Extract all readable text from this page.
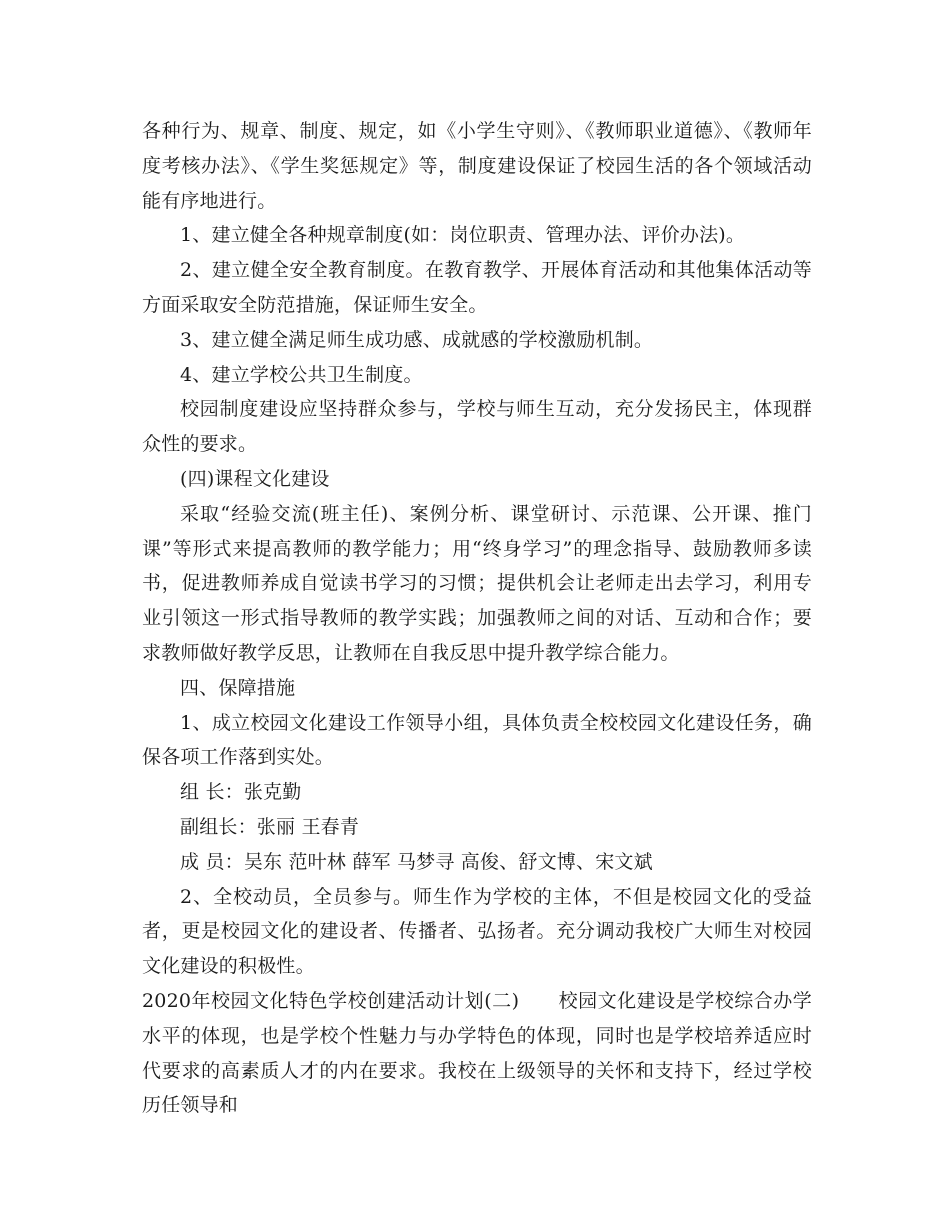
各种行为、规章、制度、规定，如《小学生守则》、《教师职业道德》、《教师年度考核办法》、《学生奖惩规定》等，制度建设保证了校园生活的各个领域活动能有序地进行。

1、建立健全各种规章制度(如：岗位职责、管理办法、评价办法)。

2、建立健全安全教育制度。在教育教学、开展体育活动和其他集体活动等方面采取安全防范措施，保证师生安全。

3、建立健全满足师生成功感、成就感的学校激励机制。

4、建立学校公共卫生制度。

校园制度建设应坚持群众参与，学校与师生互动，充分发扬民主，体现群众性的要求。

(四)课程文化建设

采取“经验交流(班主任)、案例分析、课堂研讨、示范课、公开课、推门课”等形式来提高教师的教学能力；用“终身学习”的理念指导、鼓励教师多读书，促进教师养成自觉读书学习的习惯；提供机会让老师走出去学习，利用专业引领这一形式指导教师的教学实践；加强教师之间的对话、互动和合作；要求教师做好教学反思，让教师在自我反思中提升教学综合能力。

四、保障措施

1、成立校园文化建设工作领导小组，具体负责全校校园文化建设任务，确保各项工作落到实处。

组 长：张克勤

副组长：张丽 王春青

成 员：吴东 范叶林 薛军 马梦寻 高俊、舒文博、宋文斌

2、全校动员，全员参与。师生作为学校的主体，不但是校园文化的受益者，更是校园文化的建设者、传播者、弘扬者。充分调动我校广大师生对校园文化建设的积极性。

2020年校园文化特色学校创建活动计划(二)　　校园文化建设是学校综合办学水平的体现，也是学校个性魅力与办学特色的体现，同时也是学校培养适应时代要求的高素质人才的内在要求。我校在上级领导的关怀和支持下，经过学校历任领导和
